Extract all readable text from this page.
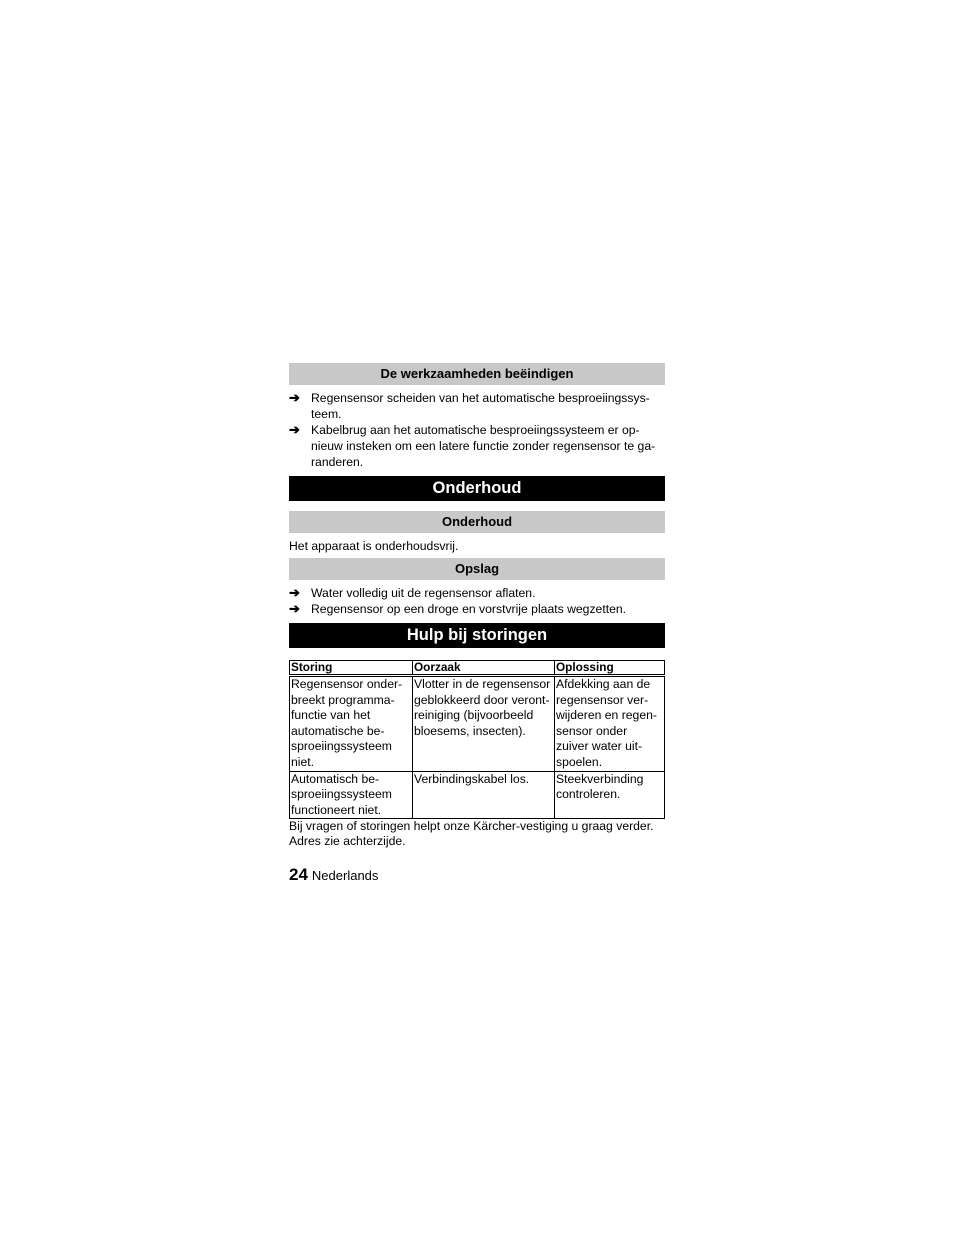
De werkzaamheden beëindigen
➔ Regensensor scheiden van het automatische besproeiingssys-teem.
➔ Kabelbrug aan het automatische besproeiingssysteem er op-nieuw insteken om een latere functie zonder regensensor te ga-randeren.
Onderhoud
Onderhoud

Het apparaat is onderhoudsvrij.

Opslag
➔ Water volledig uit de regensensor aflaten.
➔ Regensensor op een droge en vorstvrije plaats wegzetten.
Hulp bij storingen
Storing	Oorzaak	Oplossing
Regensensor onder-breekt programma-functie van het automatische be-sproeiingssysteem niet.	Vlotter in de regensensor geblokkeerd door veront-reiniging (bijvoorbeeld bloesems, insecten).	Afdekking aan de regensensor ver-wijderen en regen-sensor onder zuiver water uit-spoelen.
Automatisch be-sproeiingssysteem functioneert niet.	Verbindingskabel los.	Steekverbinding controleren.

Bij vragen of storingen helpt onze Kärcher-vestiging u graag verder. Adres zie achterzijde.

24 Nederlands
